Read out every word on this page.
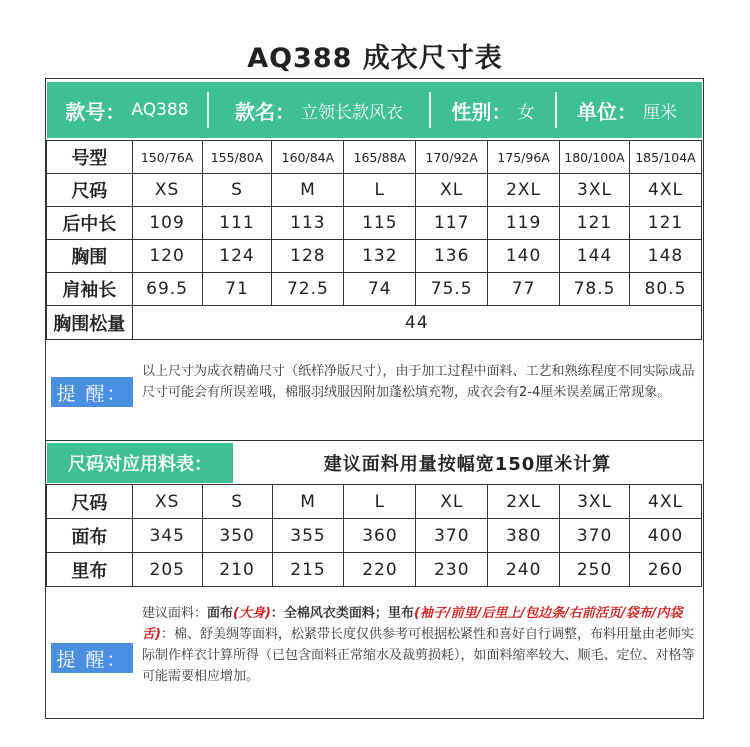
AQ388 成衣尺寸表
款号： AQ388 款名： 立领长款风衣 性别： 女 单位： 厘米
号型	150/76A	155/80A	160/84A	165/88A	170/92A	175/96A	180/100A	185/104A
尺码	XS	S	M	L	XL	2XL	3XL	4XL
后中长	109	111	113	115	117	119	121	121
胸围	120	124	128	132	136	140	144	148
肩袖长	69.5	71	72.5	74	75.5	77	78.5	80.5
胸围松量	44							
提 醒：
以上尺寸为成衣精确尺寸（纸样净版尺寸），由于加工过程中面料、工艺和熟练程度不同实际成品尺寸可能会有所误差哦，棉服羽绒服因附加蓬松填充物，成衣会有2-4厘米误差属正常现象。
尺码对应用料表：	建议面料用量按幅宽150厘米计算
尺码	XS	S	M	L	XL	2XL	3XL	4XL
面布	345	350	355	360	370	380	370	400
里布	205	210	215	220	230	240	250	260
提 醒：
建议面料：面布(大身)：全棉风衣类面料；里布(袖子/前里/后里上/包边条/右前活页/袋布/内袋舌)：棉、舒美绸等面料，松紧带长度仅供参考可根据松紧性和喜好自行调整，布料用量由老师实际制作样衣计算所得（已包含面料正常缩水及裁剪损耗），如面料缩率较大、顺毛、定位、对格等可能需要相应增加。
